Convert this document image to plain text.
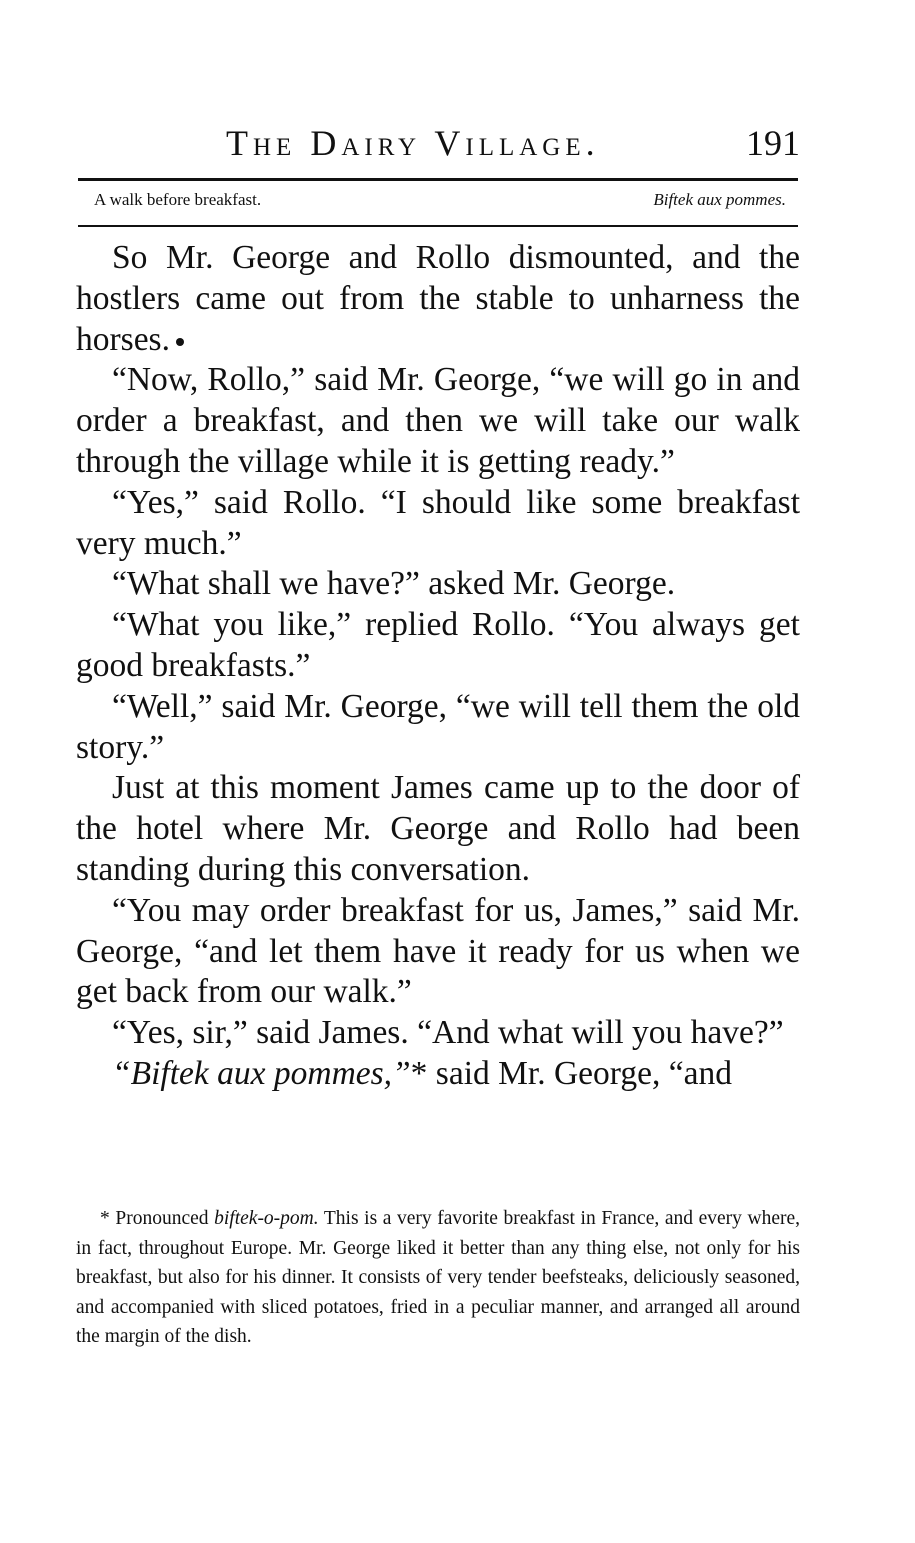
The Dairy Village.	191
A walk before breakfast.	Biftek aux pommes.

So Mr. George and Rollo dismounted, and the hostlers came out from the stable to unharness the horses.

“Now, Rollo,” said Mr. George, “we will go in and order a breakfast, and then we will take our walk through the village while it is getting ready.”

“Yes,” said Rollo. “I should like some breakfast very much.”

“What shall we have?” asked Mr. George.

“What you like,” replied Rollo. “You always get good breakfasts.”

“Well,” said Mr. George, “we will tell them the old story.”

Just at this moment James came up to the door of the hotel where Mr. George and Rollo had been standing during this conversation.

“You may order breakfast for us, James,” said Mr. George, “and let them have it ready for us when we get back from our walk.”

“Yes, sir,” said James. “And what will you have?”

“Biftek aux pommes,”* said Mr. George, “and

* Pronounced biftek-o-pom. This is a very favorite breakfast in France, and every where, in fact, throughout Europe. Mr. George liked it better than any thing else, not only for his breakfast, but also for his dinner. It consists of very tender beefsteaks, deliciously seasoned, and accompanied with sliced potatoes, fried in a peculiar manner, and arranged all around the margin of the dish.
